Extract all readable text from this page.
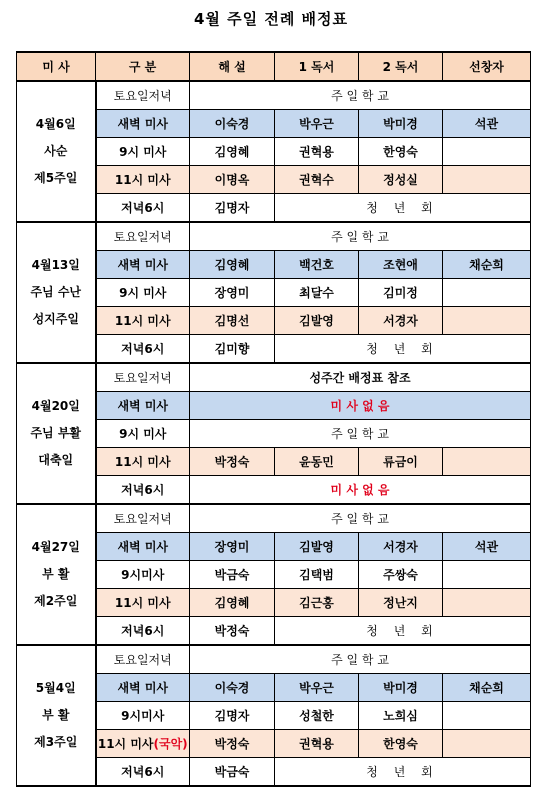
4월 주일 전례 배정표
미 사	구 분	해 설	1 독서	2 독서	선창자

4월6일
사순
제5주일	토요일저녁	주 일 학 교			
	새벽 미사	이숙경	박우근	박미경	석관
	9시 미사	김영혜	권혁용	한영숙	
	11시 미사	이명옥	권혁수	정성실	
	저녁6시	김명자	청 년 회		

4월13일
주님 수난
성지주일	토요일저녁	주 일 학 교			
	새벽 미사	김영혜	백건호	조현애	채순희
	9시 미사	장영미	최달수	김미정	
	11시 미사	김명선	김발영	서경자	
	저녁6시	김미향	청 년 회		

4월20일
주님 부활
대축일	토요일저녁	성주간 배정표 참조			
	새벽 미사	미 사 없 음			
	9시 미사	주 일 학 교			
	11시 미사	박정숙	윤동민	류금이	
	저녁6시	미 사 없 음			

4월27일
부 활
제2주일	토요일저녁	주 일 학 교			
	새벽 미사	장영미	김발영	서경자	석관
	9시미사	박금숙	김택범	주쌍숙	
	11시 미사	김영혜	김근홍	정난지	
	저녁6시	박정숙	청 년 회		

5월4일
부 활
제3주일	토요일저녁	주 일 학 교			
	새벽 미사	이숙경	박우근	박미경	채순희
	9시미사	김명자	성철한	노희심	
	11시 미사(국악)	박정숙	권혁용	한영숙	
	저녁6시	박금숙	청 년 회		
